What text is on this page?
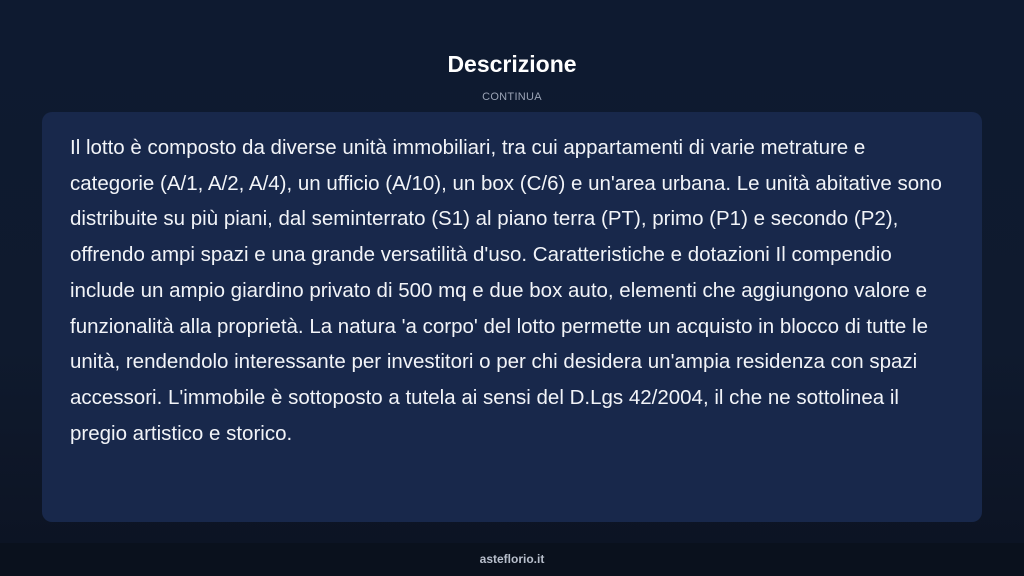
Descrizione
CONTINUA

Il lotto è composto da diverse unità immobiliari, tra cui appartamenti di varie metrature e categorie (A/1, A/2, A/4), un ufficio (A/10), un box (C/6) e un'area urbana. Le unità abitative sono distribuite su più piani, dal seminterrato (S1) al piano terra (PT), primo (P1) e secondo (P2), offrendo ampi spazi e una grande versatilità d'uso. Caratteristiche e dotazioni Il compendio include un ampio giardino privato di 500 mq e due box auto, elementi che aggiungono valore e funzionalità alla proprietà. La natura 'a corpo' del lotto permette un acquisto in blocco di tutte le unità, rendendolo interessante per investitori o per chi desidera un'ampia residenza con spazi accessori. L'immobile è sottoposto a tutela ai sensi del D.Lgs 42/2004, il che ne sottolinea il pregio artistico e storico.

asteflorio.it
